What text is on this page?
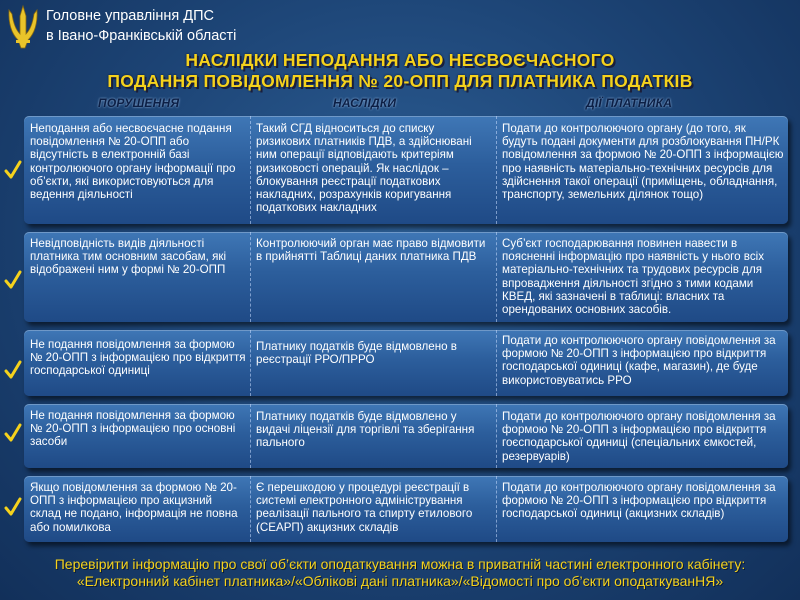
Головне управління ДПС
в Івано-Франківській області
НАСЛІДКИ НЕПОДАННЯ АБО НЕСВОЄЧАСНОГО
ПОДАННЯ ПОВІДОМЛЕННЯ № 20-ОПП ДЛЯ ПЛАТНИКА ПОДАТКІВ
ПОРУШЕННЯ	НАСЛІДКИ	ДІЇ ПЛАТНИКА
Неподання або несвоєчасне подання повідомлення № 20-ОПП або відсутність в електронній базі контролюючого органу інформації про об’єкти, які використовуються для ведення діяльності
Такий СГД відноситься до списку ризикових платників ПДВ, а здійснювані ним операції відповідають критеріям ризиковості операцій. Як наслідок – блокування реєстрації податкових накладних, розрахунків коригування податкових накладних
Подати до контролюючого органу (до того, як будуть подані документи для розблокування ПН/РК повідомлення за формою № 20-ОПП з інформацією про наявність матеріально-технічних ресурсів для здійснення такої операції (приміщень, обладнання, транспорту, земельних ділянок тощо)
Невідповідність видів діяльності платника тим основним засобам, які відображені ним у формі № 20-ОПП
Контролюючий орган має право відмовити в прийнятті Таблиці даних платника ПДВ
Суб’єкт господарювання повинен навести в поясненні інформацію про наявність у нього всіх матеріально-технічних та трудових ресурсів для впровадження діяльності згідно з тими кодами КВЕД, які зазначені в таблиці: власних та орендованих основних засобів.
Не подання повідомлення за формою № 20-ОПП з інформацією про відкриття господарської одиниці
Платнику податків буде відмовлено в реєстрації РРО/ПРРО
Подати до контролюючого органу повідомлення за формою № 20-ОПП з інформацією про відкриття господарської одиниці (кафе, магазин), де буде використовуватись РРО
Не подання повідомлення за формою № 20-ОПП з інформацією про основні засоби
Платнику податків буде відмовлено у видачі ліцензії для торгівлі та зберігання пального
Подати до контролюючого органу повідомлення за формою № 20-ОПП з інформацією про відкриття гоєсподарської одиниці (спеціальних ємкостей, резервуарів)
Якщо повідомлення за формою № 20-ОПП з інформацією про акцизний склад не подано, інформація не повна або помилкова
Є перешкодою у процедурі реєстрації в системі електронного адміністрування реалізації пального та спирту етилового (СЕАРП) акцизних складів
Подати до контролюючого органу повідомлення за формою № 20-ОПП з інформацією про відкриття господарської одиниці (акцизних складів)
Перевірити інформацію про свої об’єкти оподаткування можна в приватній частині електронного кабінету:
«Електронний кабінет платника»/«Облікові дані платника»/«Відомості про об’єкти оподаткуванНЯ»
